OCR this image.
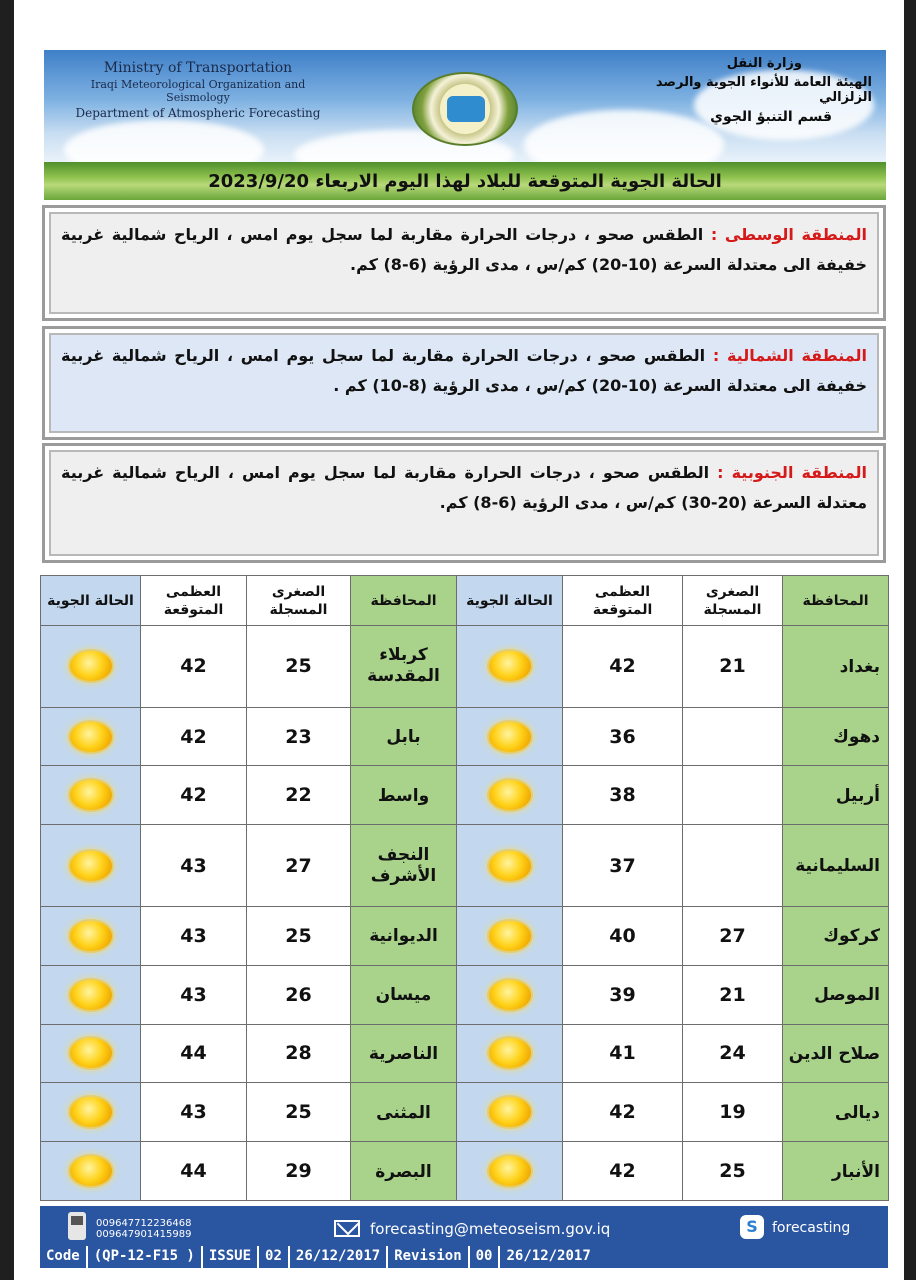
Ministry of Transportation
Iraqi Meteorological Organization and Seismology
Department of Atmospheric Forecasting
وزارة النقل
الهيئة العامة للأنواء الجوية والرصد الزلزالي
قسم التنبؤ الجوي
الحالة الجوية المتوقعة للبلاد لهذا اليوم الاربعاء 2023/9/20
المنطقة الوسطى : الطقس صحو ، درجات الحرارة مقاربة لما سجل يوم امس ، الرياح شمالية غربية خفيفة الى معتدلة السرعة (10-20) كم/س ، مدى الرؤية (6-8) كم.
المنطقة الشمالية : الطقس صحو ، درجات الحرارة مقاربة لما سجل يوم امس ، الرياح شمالية غربية خفيفة الى معتدلة السرعة (10-20) كم/س ، مدى الرؤية (8-10) كم .
المنطقة الجنوبية : الطقس صحو ، درجات الحرارة مقاربة لما سجل يوم امس ، الرياح شمالية غربية معتدلة السرعة (20-30) كم/س ، مدى الرؤية (6-8) كم.
المحافظة	الصغرى المسجلة	العظمى المتوقعة	الحالة الجوية	المحافظة	الصغرى المسجلة	العظمى المتوقعة	الحالة الجوية
بغداد	21	42		كربلاء المقدسة	25	42	
دهوك		36		بابل	23	42	
أربيل		38		واسط	22	42	
السليمانية		37		النجف الأشرف	27	43	
كركوك	27	40		الديوانية	25	43	
الموصل	21	39		ميسان	26	43	
صلاح الدين	24	41		الناصرية	28	44	
ديالى	19	42		المثنى	25	43	
الأنبار	25	42		البصرة	29	44	
009647712236468
009647901415989	forecasting@meteoseism.gov.iq	S	forecasting
Code	(QP-12-F15 )	ISSUE	02	26/12/2017	Revision	00	26/12/2017
